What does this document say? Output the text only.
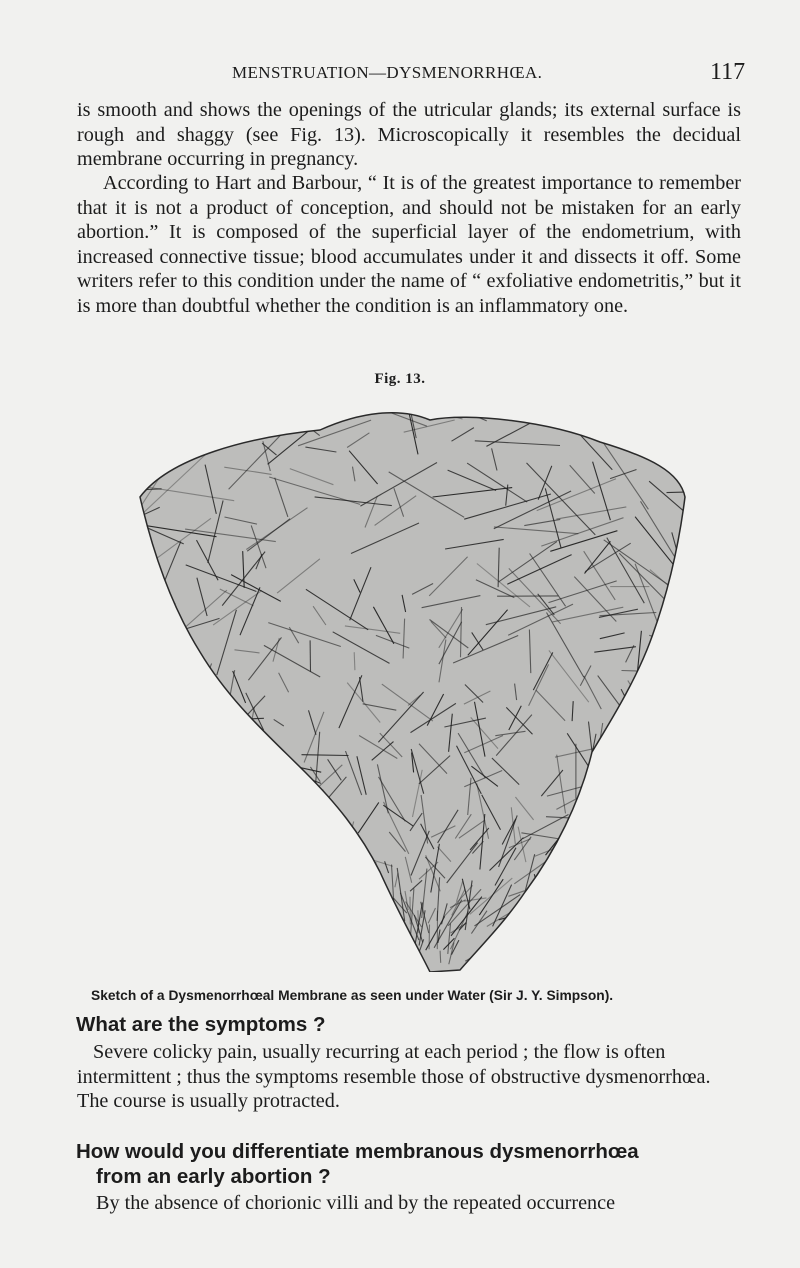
MENSTRUATION—DYSMENORRHŒA.	117

is smooth and shows the openings of the utricular glands; its external surface is rough and shaggy (see Fig. 13). Microscopically it resembles the decidual membrane occurring in pregnancy.

According to Hart and Barbour, “ It is of the greatest importance to remember that it is not a product of conception, and should not be mistaken for an early abortion.” It is composed of the superficial layer of the endometrium, with increased connective tissue; blood accumulates under it and dissects it off. Some writers refer to this condition under the name of “ exfoliative endometritis,” but it is more than doubtful whether the condition is an inflammatory one.

Fig. 13.
Sketch of a Dysmenorrhœal Membrane as seen under Water (Sir J. Y. Simpson).

What are the symptoms ?

Severe colicky pain, usually recurring at each period ; the flow is often intermittent ; thus the symptoms resemble those of obstructive dysmenorrhœa. The course is usually protracted.

How would you differentiate membranous dysmenorrhœa
from an early abortion ?

By the absence of chorionic villi and by the repeated occurrence
